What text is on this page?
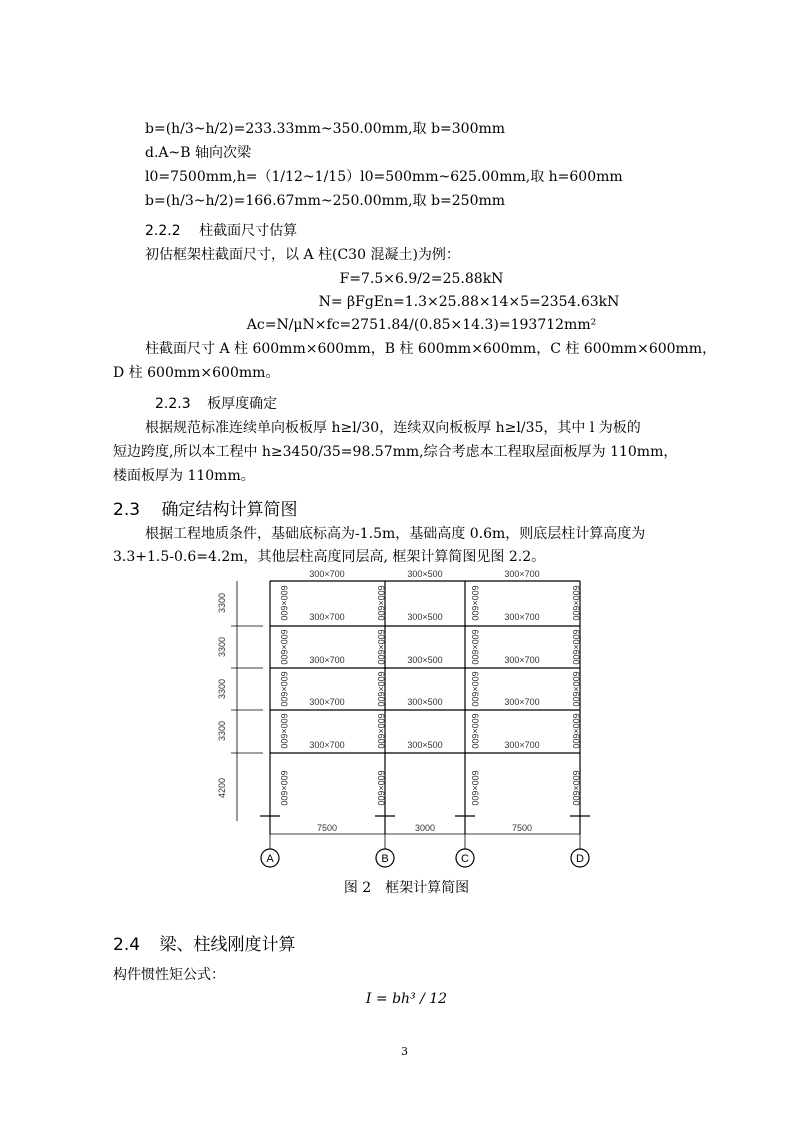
b=(h/3~h/2)=233.33mm~350.00mm,取 b=300mm
d.A~B 轴向次梁
l0=7500mm,h=（1/12~1/15）l0=500mm~625.00mm,取 h=600mm
b=(h/3~h/2)=166.67mm~250.00mm,取 b=250mm
2.2.2 柱截面尺寸估算
初估框架柱截面尺寸，以 A 柱(C30 混凝土)为例：
F=7.5×6.9/2=25.88kN
N= βFgEn=1.3×25.88×14×5=2354.63kN
Ac=N/μN×fc=2751.84/(0.85×14.3)=193712mm²
柱截面尺寸 A 柱 600mm×600mm，B 柱 600mm×600mm，C 柱 600mm×600mm，
D 柱 600mm×600mm。
2.2.3 板厚度确定
根据规范标准连续单向板板厚 h≥l/30，连续双向板板厚 h≥l/35，其中 l 为板的
短边跨度,所以本工程中 h≥3450/35=98.57mm,综合考虑本工程取屋面板厚为 110mm，
楼面板厚为 110mm。
2.3 确定结构计算简图
根据工程地质条件，基础底标高为-1.5m，基础高度 0.6m，则底层柱计算高度为
3.3+1.5-0.6=4.2m，其他层柱高度同层高, 框架计算简图见图 2.2。
300×700	300×500	300×700
300×700	300×500	300×700
300×700	300×500	300×700
300×700	300×500	300×700
300×700	300×500	300×700
600×600
600×600
600×600
600×600
600×600
600×600
600×600
600×600
600×600
600×600
600×600
600×600
600×600
600×600
600×600
600×600
600×600
600×600
600×600
600×600
3300
3300
3300
3300
4200
7500	3000	7500
A	B	C	D
图 2　框架计算简图
2.4 梁、柱线刚度计算
构件惯性矩公式：
I = bh³ / 12
3
